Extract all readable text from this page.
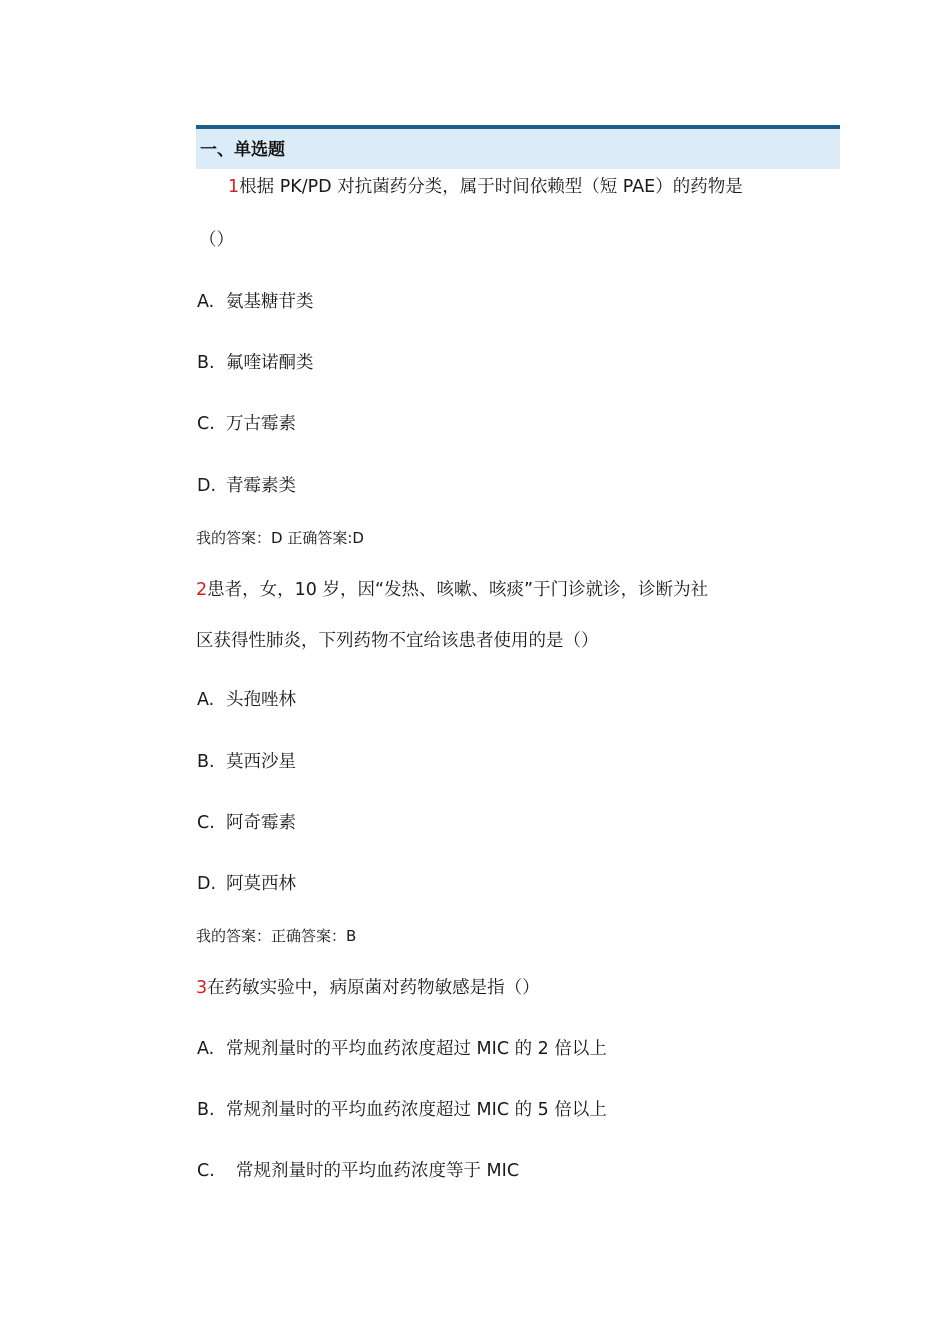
一、单选题
1根据 PK/PD 对抗菌药分类，属于时间依赖型（短 PAE）的药物是
（）
A. 氨基糖苷类
B. 氟喹诺酮类
C. 万古霉素
D. 青霉素类
我的答案：D 正确答案:D
2患者，女，10 岁，因“发热、咳嗽、咳痰”于门诊就诊，诊断为社
区获得性肺炎，下列药物不宜给该患者使用的是（）
A. 头孢唑林
B. 莫西沙星
C. 阿奇霉素
D. 阿莫西林
我的答案：正确答案：B
3在药敏实验中，病原菌对药物敏感是指（）
A. 常规剂量时的平均血药浓度超过 MIC 的 2 倍以上
B. 常规剂量时的平均血药浓度超过 MIC 的 5 倍以上
C. 常规剂量时的平均血药浓度等于 MIC
